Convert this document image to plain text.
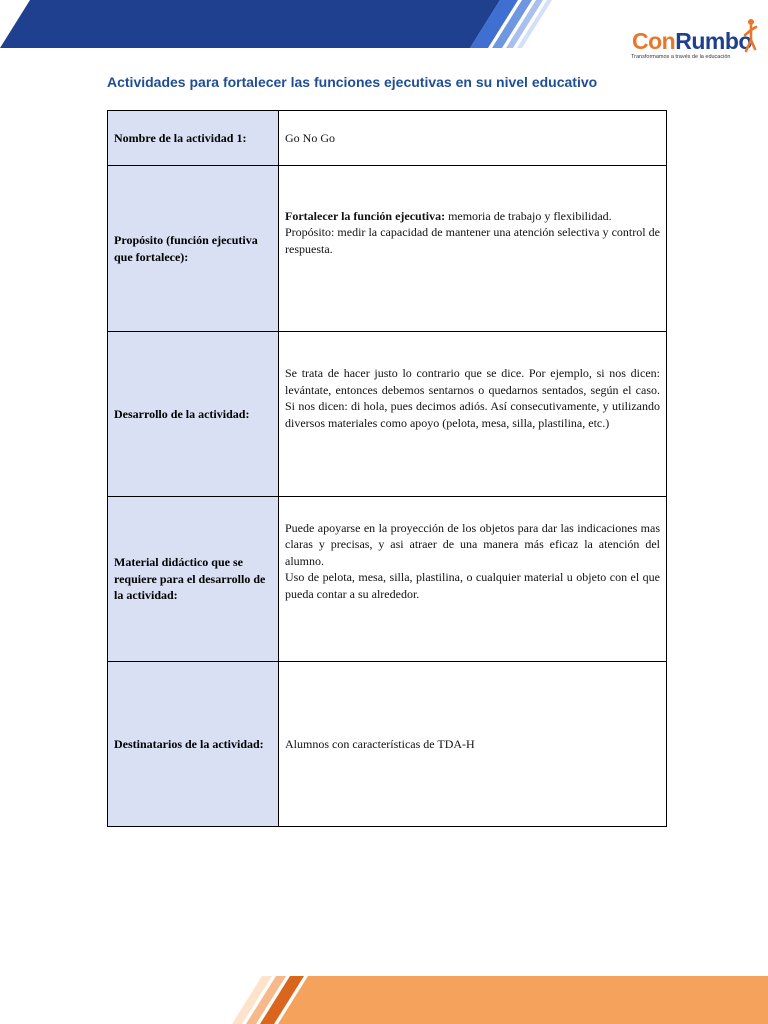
ConRumbo
Transformamos a través de la educación
Actividades para fortalecer las funciones ejecutivas en su nivel educativo
Nombre de la actividad 1:	Go No Go

Propósito (función ejecutiva que fortalece):	Fortalecer la función ejecutiva: memoria de trabajo y flexibilidad.
Propósito: medir la capacidad de mantener una atención selectiva y control de respuesta.

Desarrollo de la actividad:	Se trata de hacer justo lo contrario que se dice. Por ejemplo, si nos dicen: levántate, entonces debemos sentarnos o quedarnos sentados, según el caso. Si nos dicen: di hola, pues decimos adiós. Así consecutivamente, y utilizando diversos materiales como apoyo (pelota, mesa, silla, plastilina, etc.)

Material didáctico que se requiere para el desarrollo de la actividad:	Puede apoyarse en la proyección de los objetos para dar las indicaciones mas claras y precisas, y asi atraer de una manera más eficaz la atención del alumno.
Uso de pelota, mesa, silla, plastilina, o cualquier material u objeto con el que pueda contar a su alrededor.

Destinatarios de la actividad:	Alumnos con características de TDA-H
